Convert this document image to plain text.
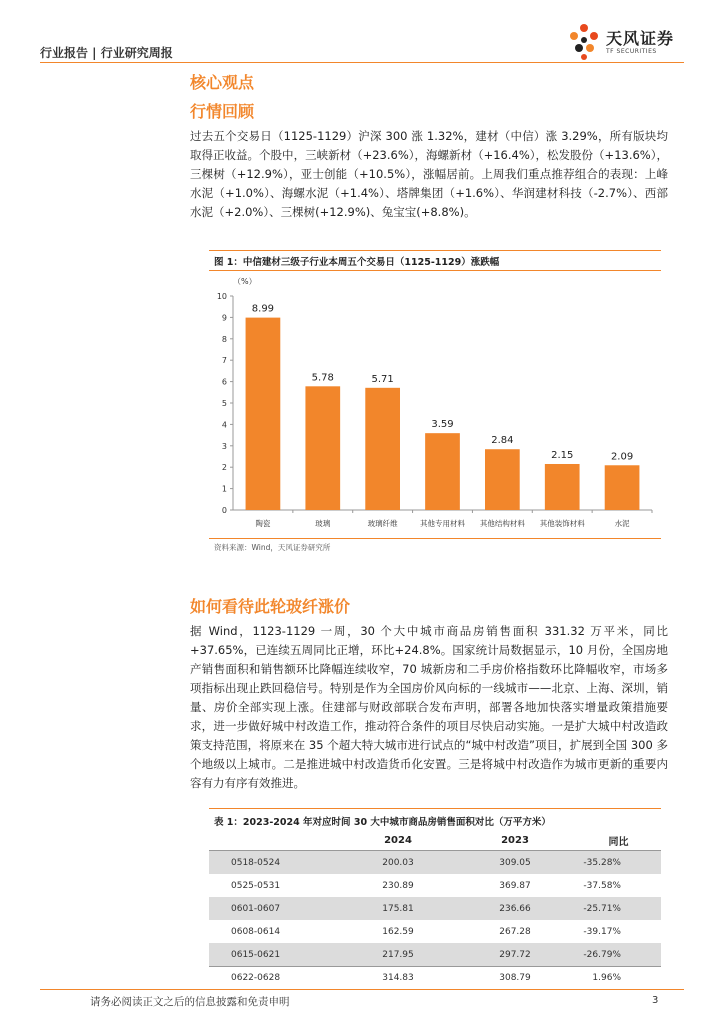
行业报告 | 行业研究周报
天风证券
TF SECURITIES
核心观点
行情回顾

过去五个交易日（1125-1129）沪深 300 涨 1.32%，建材（中信）涨 3.29%，所有版块均取得正收益。个股中，三峡新材（+23.6%），海螺新材（+16.4%），松发股份（+13.6%），三棵树（+12.9%），亚士创能（+10.5%），涨幅居前。上周我们重点推荐组合的表现：上峰水泥（+1.0%）、海螺水泥（+1.4%）、塔牌集团（+1.6%）、华润建材科技（-2.7%）、西部水泥（+2.0%）、三棵树(+12.9%)、兔宝宝(+8.8%)。

图 1：中信建材三级子行业本周五个交易日（1125-1129）涨跌幅
（%）
0
1
2
3
4
5
6
7
8
9
10
8.99
陶瓷
5.78
玻璃
5.71
玻璃纤维
3.59
其他专用材料
2.84
其他结构材料
2.15
其他装饰材料
2.09
水泥
资料来源：Wind，天风证券研究所
如何看待此轮玻纤涨价

据 Wind，1123-1129 一周，30 个大中城市商品房销售面积 331.32 万平米，同比+37.65%，已连续五周同比正增，环比+24.8%。国家统计局数据显示，10 月份，全国房地产销售面积和销售额环比降幅连续收窄，70 城新房和二手房价格指数环比降幅收窄，市场多项指标出现止跌回稳信号。特别是作为全国房价风向标的一线城市——北京、上海、深圳，销量、房价全部实现上涨。住建部与财政部联合发布声明，部署各地加快落实增量政策措施要求，进一步做好城中村改造工作，推动符合条件的项目尽快启动实施。一是扩大城中村改造政策支持范围，将原来在 35 个超大特大城市进行试点的“城中村改造”项目，扩展到全国 300 多个地级以上城市。二是推进城中村改造货币化安置。三是将城中村改造作为城市更新的重要内容有力有序有效推进。

表 1：2023-2024 年对应时间 30 大中城市商品房销售面积对比（万平方米）
	2024	2023	同比
0518-0524	200.03	309.05	-35.28%
0525-0531	230.89	369.87	-37.58%
0601-0607	175.81	236.66	-25.71%
0608-0614	162.59	267.28	-39.17%
0615-0621	217.95	297.72	-26.79%
0622-0628	314.83	308.79	1.96%
请务必阅读正文之后的信息披露和免责申明	3
